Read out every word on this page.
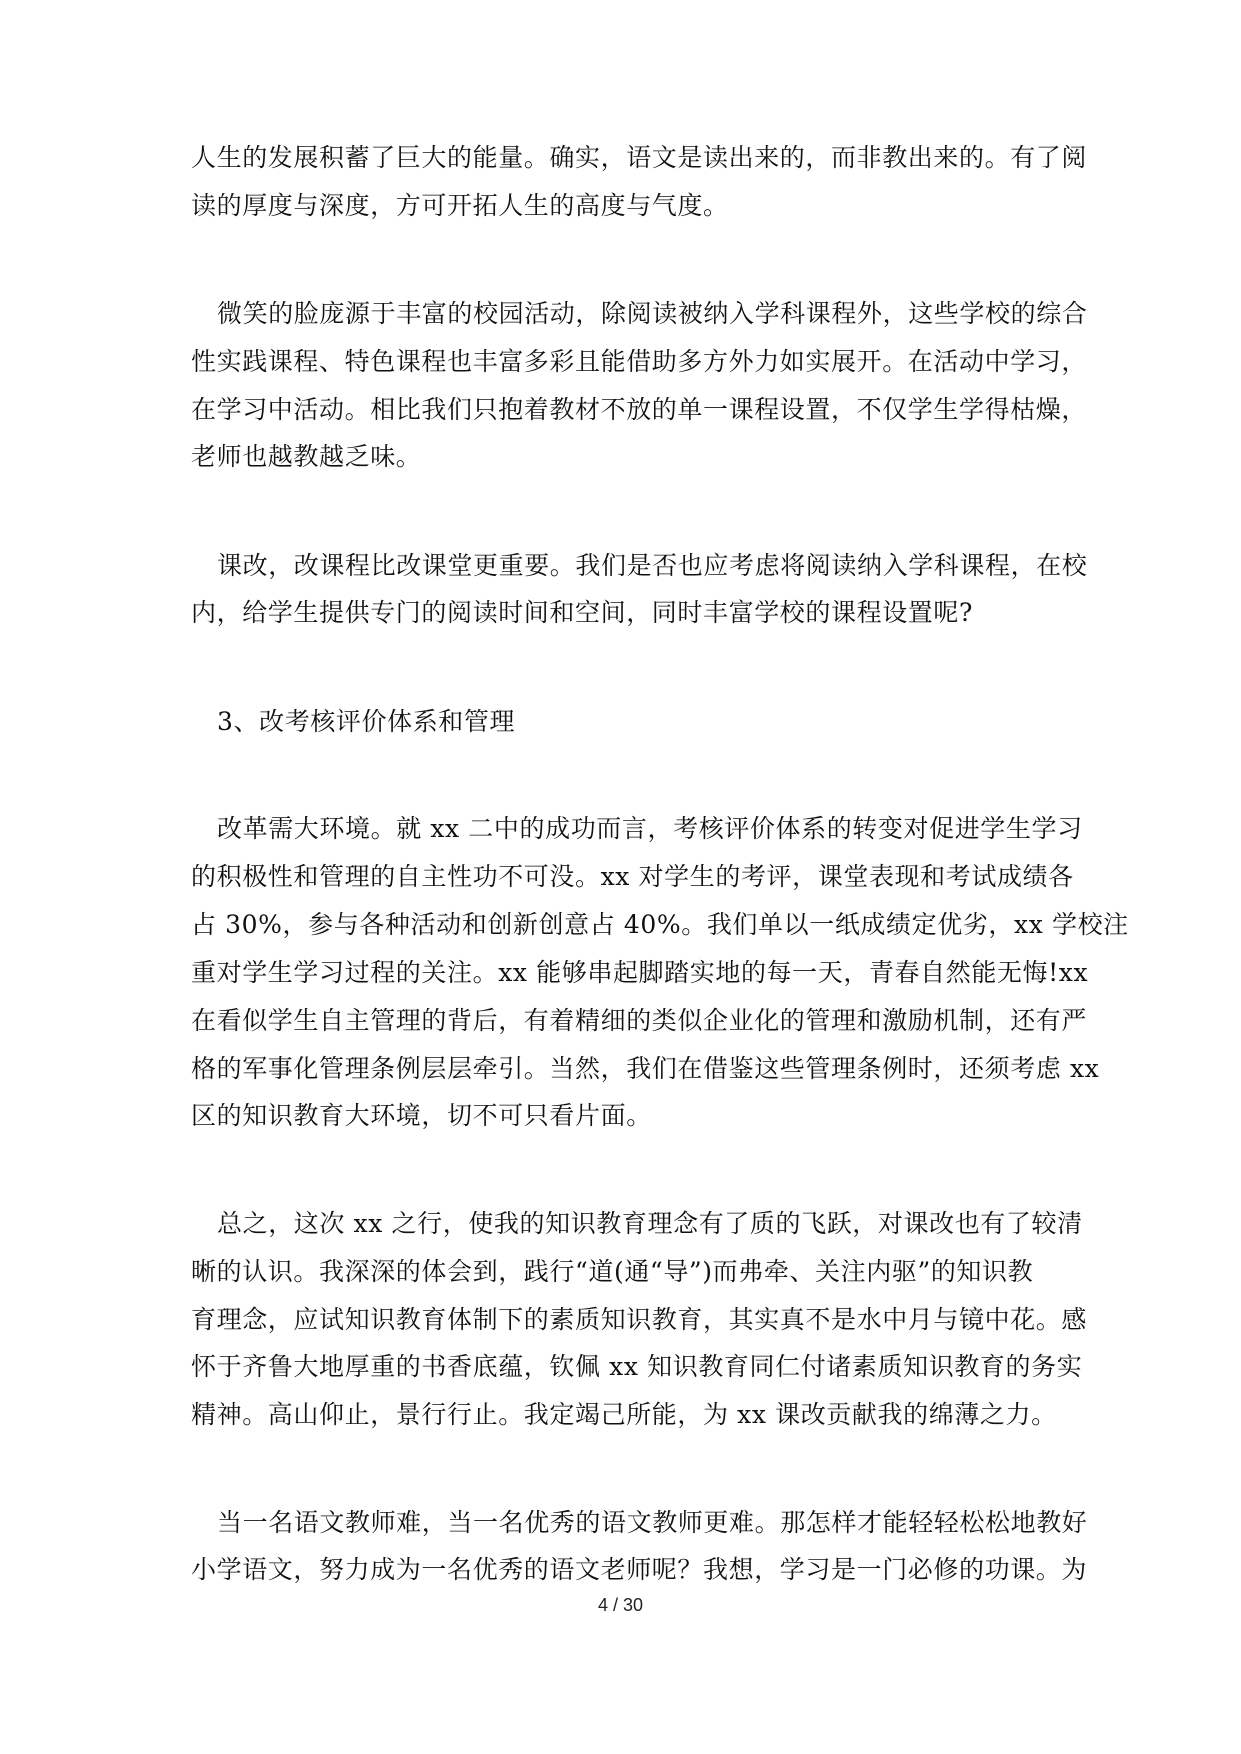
人生的发展积蓄了巨大的能量。确实，语文是读出来的，而非教出来的。有了阅
读的厚度与深度，方可开拓人生的高度与气度。
微笑的脸庞源于丰富的校园活动，除阅读被纳入学科课程外，这些学校的综合
性实践课程、特色课程也丰富多彩且能借助多方外力如实展开。在活动中学习，
在学习中活动。相比我们只抱着教材不放的单一课程设置，不仅学生学得枯燥，
老师也越教越乏味。
课改，改课程比改课堂更重要。我们是否也应考虑将阅读纳入学科课程，在校
内，给学生提供专门的阅读时间和空间，同时丰富学校的课程设置呢?
3、改考核评价体系和管理
改革需大环境。就 xx 二中的成功而言，考核评价体系的转变对促进学生学习
的积极性和管理的自主性功不可没。xx 对学生的考评，课堂表现和考试成绩各
占 30%，参与各种活动和创新创意占 40%。我们单以一纸成绩定优劣，xx 学校注
重对学生学习过程的关注。xx 能够串起脚踏实地的每一天，青春自然能无悔!xx
在看似学生自主管理的背后，有着精细的类似企业化的管理和激励机制，还有严
格的军事化管理条例层层牵引。当然，我们在借鉴这些管理条例时，还须考虑 xx
区的知识教育大环境，切不可只看片面。
总之，这次 xx 之行，使我的知识教育理念有了质的飞跃，对课改也有了较清
晰的认识。我深深的体会到，践行“道(通“导”)而弗牵、关注内驱”的知识教
育理念，应试知识教育体制下的素质知识教育，其实真不是水中月与镜中花。感
怀于齐鲁大地厚重的书香底蕴，钦佩 xx 知识教育同仁付诸素质知识教育的务实
精神。高山仰止，景行行止。我定竭己所能，为 xx 课改贡献我的绵薄之力。
当一名语文教师难，当一名优秀的语文教师更难。那怎样才能轻轻松松地教好
小学语文，努力成为一名优秀的语文老师呢？我想，学习是一门必修的功课。为
4 / 30
